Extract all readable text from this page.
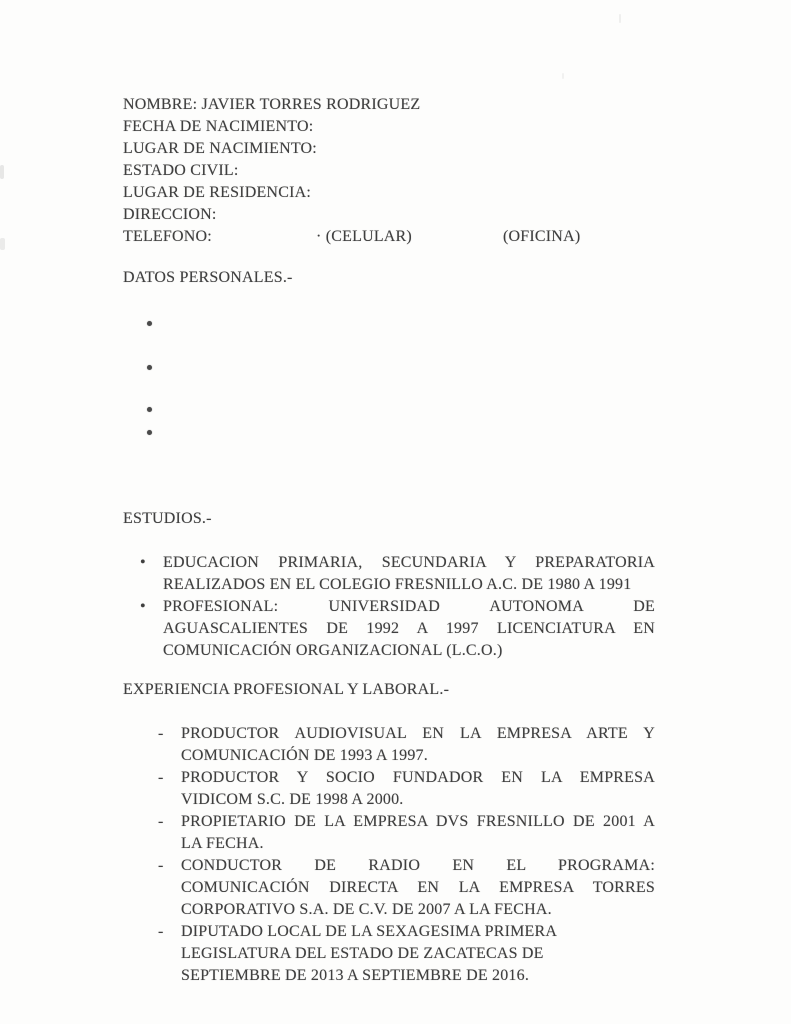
NOMBRE: JAVIER TORRES RODRIGUEZ
FECHA DE NACIMIENTO:
LUGAR DE NACIMIENTO:
ESTADO CIVIL:
LUGAR DE RESIDENCIA:
DIRECCION:
TELEFONO:	· (CELULAR)	(OFICINA)
DATOS PERSONALES.-
ESTUDIOS.-
• EDUCACION PRIMARIA, SECUNDARIA Y PREPARATORIA
REALIZADOS EN EL COLEGIO FRESNILLO A.C. DE 1980 A 1991
• PROFESIONAL: UNIVERSIDAD AUTONOMA DE
AGUASCALIENTES DE 1992 A 1997 LICENCIATURA EN
COMUNICACIÓN ORGANIZACIONAL (L.C.O.)
EXPERIENCIA PROFESIONAL Y LABORAL.-
- PRODUCTOR AUDIOVISUAL EN LA EMPRESA ARTE Y
COMUNICACIÓN DE 1993 A 1997.
- PRODUCTOR Y SOCIO FUNDADOR EN LA EMPRESA
VIDICOM S.C. DE 1998 A 2000.
- PROPIETARIO DE LA EMPRESA DVS FRESNILLO DE 2001 A
LA FECHA.
- CONDUCTOR DE RADIO EN EL PROGRAMA:
COMUNICACIÓN DIRECTA EN LA EMPRESA TORRES
CORPORATIVO S.A. DE C.V. DE 2007 A LA FECHA.
- DIPUTADO LOCAL DE LA SEXAGESIMA PRIMERA
LEGISLATURA DEL ESTADO DE ZACATECAS DE
SEPTIEMBRE DE 2013 A SEPTIEMBRE DE 2016.
